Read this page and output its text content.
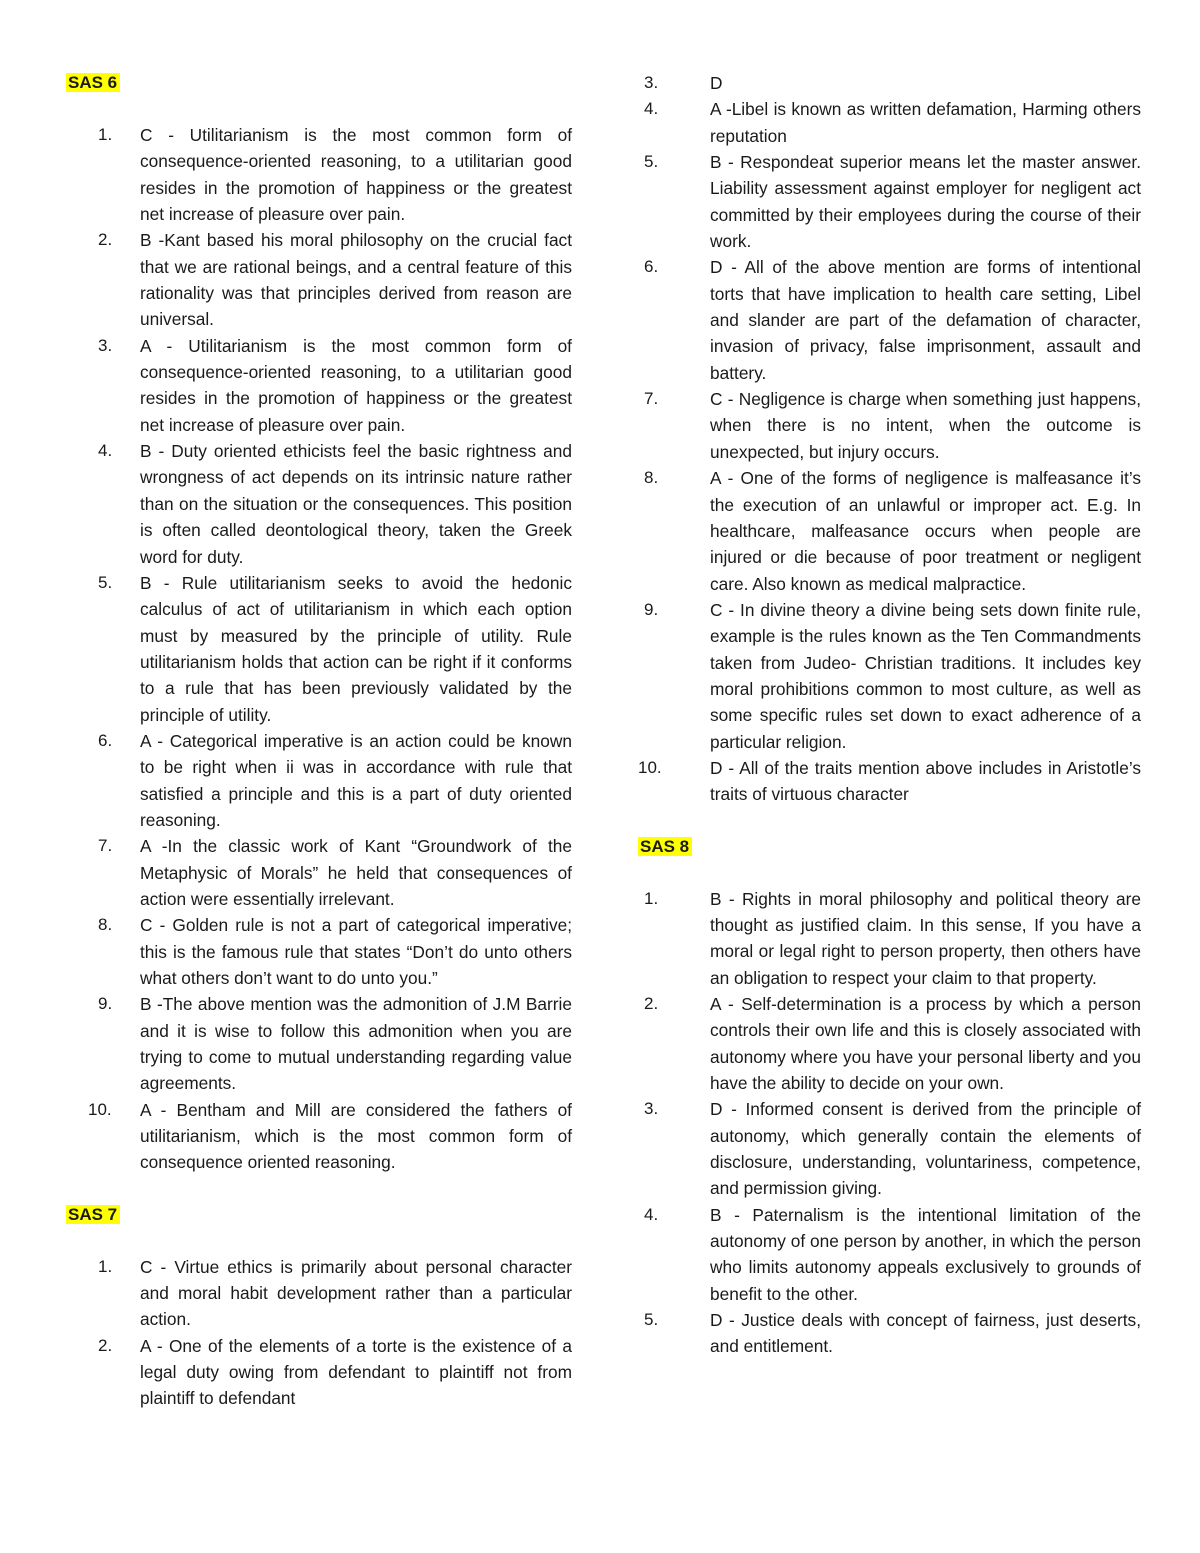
SAS 6
1. C - Utilitarianism is the most common form of consequence-oriented reasoning, to a utilitarian good resides in the promotion of happiness or the greatest net increase of pleasure over pain.
2. B -Kant based his moral philosophy on the crucial fact that we are rational beings, and a central feature of this rationality was that principles derived from reason are universal.
3. A - Utilitarianism is the most common form of consequence-oriented reasoning, to a utilitarian good resides in the promotion of happiness or the greatest net increase of pleasure over pain.
4. B - Duty oriented ethicists feel the basic rightness and wrongness of act depends on its intrinsic nature rather than on the situation or the consequences. This position is often called deontological theory, taken the Greek word for duty.
5. B - Rule utilitarianism seeks to avoid the hedonic calculus of act of utilitarianism in which each option must by measured by the principle of utility. Rule utilitarianism holds that action can be right if it conforms to a rule that has been previously validated by the principle of utility.
6. A - Categorical imperative is an action could be known to be right when ii was in accordance with rule that satisfied a principle and this is a part of duty oriented reasoning.
7. A -In the classic work of Kant “Groundwork of the Metaphysic of Morals” he held that consequences of action were essentially irrelevant.
8. C - Golden rule is not a part of categorical imperative; this is the famous rule that states “Don’t do unto others what others don’t want to do unto you.”
9. B -The above mention was the admonition of J.M Barrie and it is wise to follow this admonition when you are trying to come to mutual understanding regarding value agreements.
10. A - Bentham and Mill are considered the fathers of utilitarianism, which is the most common form of consequence oriented reasoning.
SAS 7
1. C - Virtue ethics is primarily about personal character and moral habit development rather than a particular action.
2. A - One of the elements of a torte is the existence of a legal duty owing from defendant to plaintiff not from plaintiff to defendant
3.	D
4.	A -Libel is known as written defamation, Harming others reputation
5.	B - Respondeat superior means let the master answer. Liability assessment against employer for negligent act committed by their employees during the course of their work.
6.	D - All of the above mention are forms of intentional torts that have implication to health care setting, Libel and slander are part of the defamation of character, invasion of privacy, false imprisonment, assault and battery.
7.	C - Negligence is charge when something just happens, when there is no intent, when the outcome is unexpected, but injury occurs.
8.	A - One of the forms of negligence is malfeasance it’s the execution of an unlawful or improper act. E.g. In healthcare, malfeasance occurs when people are injured or die because of poor treatment or negligent care. Also known as medical malpractice.
9.	C - In divine theory a divine being sets down finite rule, example is the rules known as the Ten Commandments taken from Judeo- Christian traditions. It includes key moral prohibitions common to most culture, as well as some specific rules set down to exact adherence of a particular religion.
10.	D - All of the traits mention above includes in Aristotle’s traits of virtuous character
SAS 8
1.	B - Rights in moral philosophy and political theory are thought as justified claim. In this sense, If you have a moral or legal right to person property, then others have an obligation to respect your claim to that property.
2.	A - Self-determination is a process by which a person controls their own life and this is closely associated with autonomy where you have your personal liberty and you have the ability to decide on your own.
3.	D - Informed consent is derived from the principle of autonomy, which generally contain the elements of disclosure, understanding, voluntariness, competence, and permission giving.
4.	B - Paternalism is the intentional limitation of the autonomy of one person by another, in which the person who limits autonomy appeals exclusively to grounds of benefit to the other.
5.	D - Justice deals with concept of fairness, just deserts, and entitlement.
